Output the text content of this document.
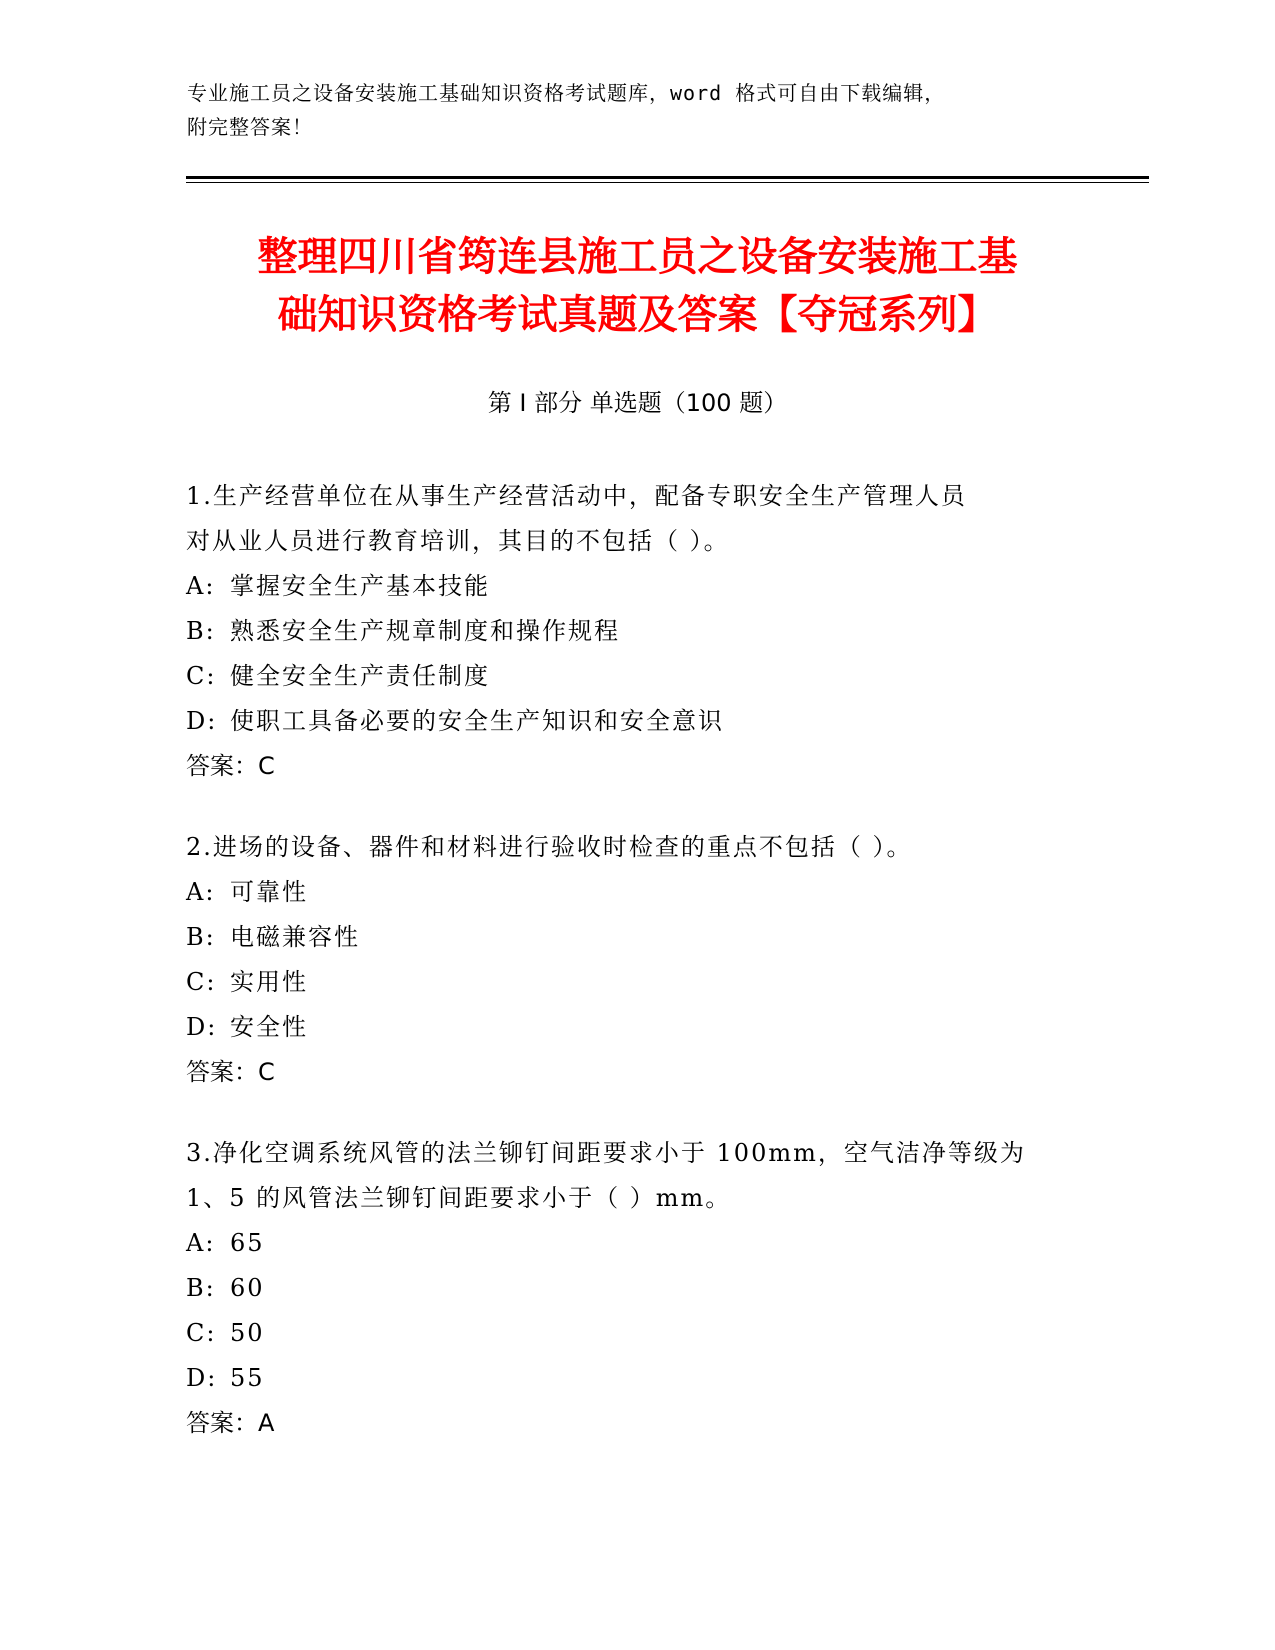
专业施工员之设备安装施工基础知识资格考试题库，word 格式可自由下载编辑，
附完整答案！
整理四川省筠连县施工员之设备安装施工基
础知识资格考试真题及答案【夺冠系列】
第 I 部分 单选题（100 题）

1.生产经营单位在从事生产经营活动中，配备专职安全生产管理人员

对从业人员进行教育培训，其目的不包括（ ）。

A: 掌握安全生产基本技能

B: 熟悉安全生产规章制度和操作规程

C: 健全安全生产责任制度

D: 使职工具备必要的安全生产知识和安全意识

答案：C

2.进场的设备、器件和材料进行验收时检查的重点不包括（ ）。

A: 可靠性

B: 电磁兼容性

C: 实用性

D: 安全性

答案：C

3.净化空调系统风管的法兰铆钉间距要求小于 100mm，空气洁净等级为

1、5 的风管法兰铆钉间距要求小于（ ）mm。

A: 65

B: 60

C: 50

D: 55

答案：A
